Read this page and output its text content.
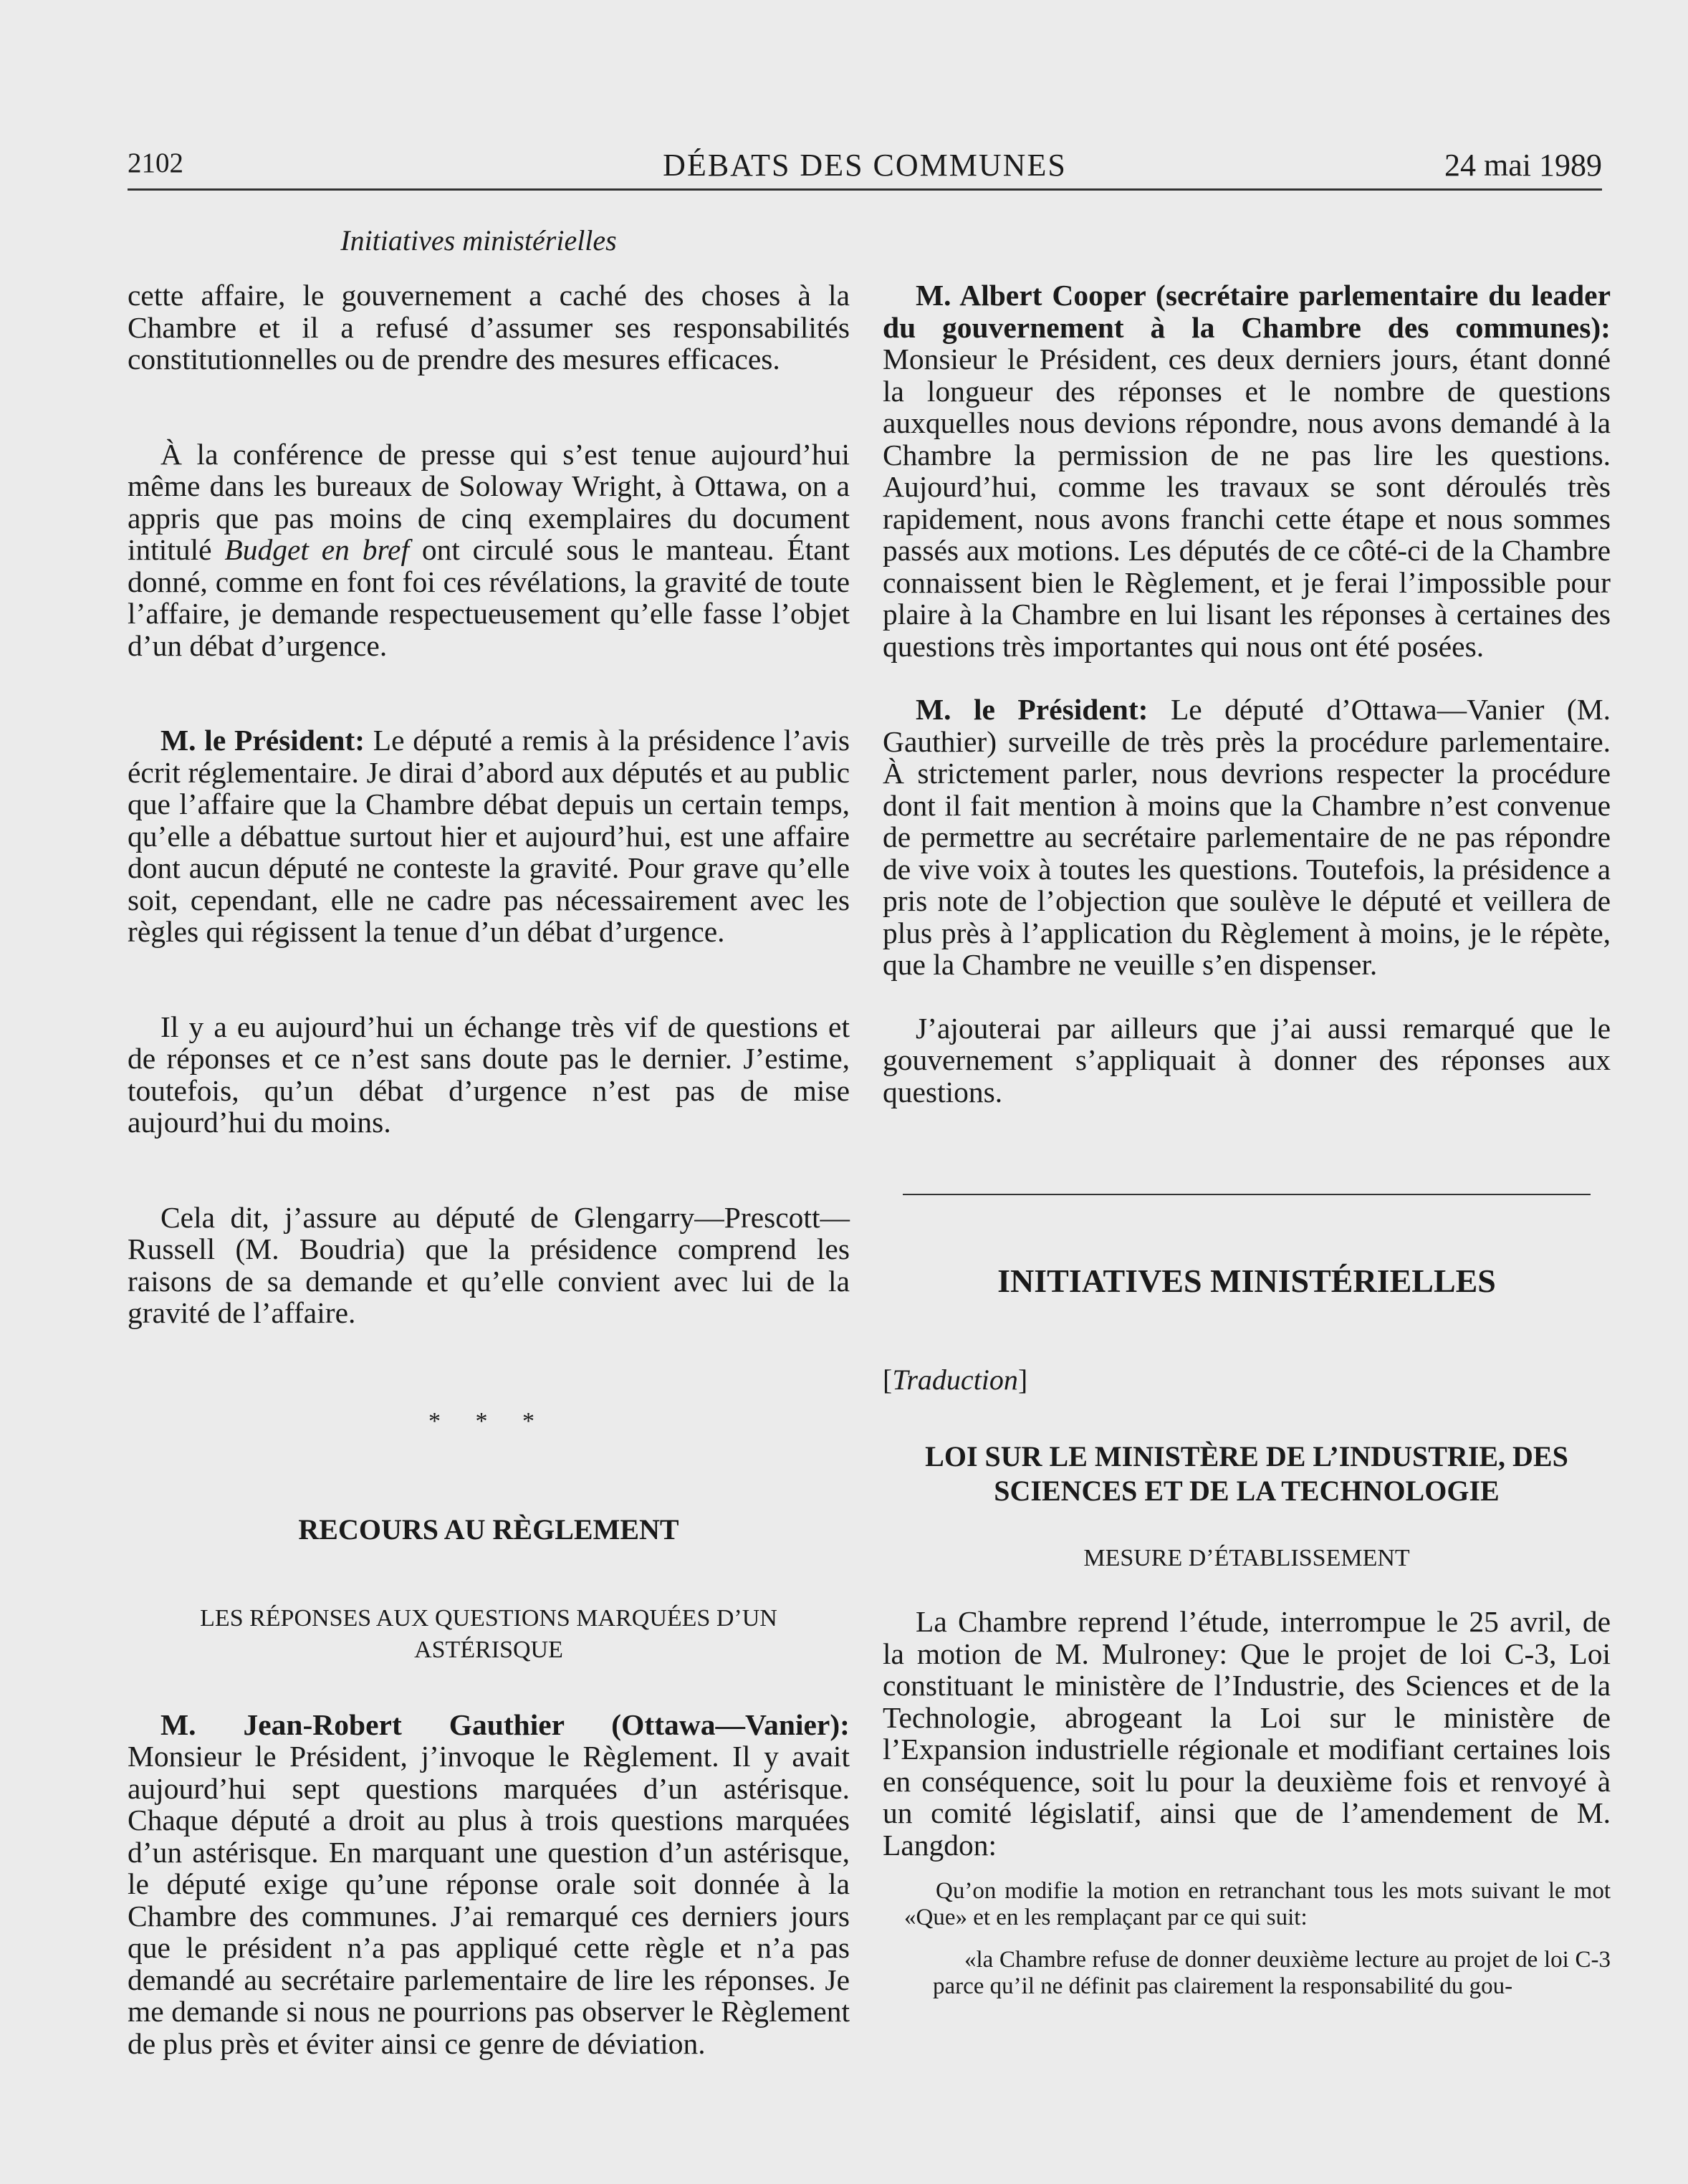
2102	DÉBATS DES COMMUNES	24 mai 1989
Initiatives ministérielles

cette affaire, le gouvernement a caché des choses à la Chambre et il a refusé d’assumer ses responsabilités constitutionnelles ou de prendre des mesures efficaces.

À la conférence de presse qui s’est tenue aujourd’hui même dans les bureaux de Soloway Wright, à Ottawa, on a appris que pas moins de cinq exemplaires du document intitulé Budget en bref ont circulé sous le manteau. Étant donné, comme en font foi ces révélations, la gravité de toute l’affaire, je demande respectueusement qu’elle fasse l’objet d’un débat d’urgence.

M. le Président: Le député a remis à la présidence l’avis écrit réglementaire. Je dirai d’abord aux députés et au public que l’affaire que la Chambre débat depuis un certain temps, qu’elle a débattue surtout hier et aujourd’hui, est une affaire dont aucun député ne conteste la gravité. Pour grave qu’elle soit, cependant, elle ne cadre pas nécessairement avec les règles qui régissent la tenue d’un débat d’urgence.

Il y a eu aujourd’hui un échange très vif de questions et de réponses et ce n’est sans doute pas le dernier. J’estime, toutefois, qu’un débat d’urgence n’est pas de mise aujourd’hui du moins.

Cela dit, j’assure au député de Glengarry—Prescott—Russell (M. Boudria) que la présidence comprend les raisons de sa demande et qu’elle convient avec lui de la gravité de l’affaire.

* * *

RECOURS AU RÈGLEMENT
LES RÉPONSES AUX QUESTIONS MARQUÉES D’UN ASTÉRISQUE

M. Jean-Robert Gauthier (Ottawa—Vanier): Monsieur le Président, j’invoque le Règlement. Il y avait aujourd’hui sept questions marquées d’un astérisque. Chaque député a droit au plus à trois questions marquées d’un astérisque. En marquant une question d’un astérisque, le député exige qu’une réponse orale soit donnée à la Chambre des communes. J’ai remarqué ces derniers jours que le président n’a pas appliqué cette règle et n’a pas demandé au secrétaire parlementaire de lire les réponses. Je me demande si nous ne pourrions pas observer le Règlement de plus près et éviter ainsi ce genre de déviation.

M. Albert Cooper (secrétaire parlementaire du leader du gouvernement à la Chambre des communes): Monsieur le Président, ces deux derniers jours, étant donné la longueur des réponses et le nombre de questions auxquelles nous devions répondre, nous avons demandé à la Chambre la permission de ne pas lire les questions. Aujourd’hui, comme les travaux se sont déroulés très rapidement, nous avons franchi cette étape et nous sommes passés aux motions. Les députés de ce côté-ci de la Chambre connaissent bien le Règlement, et je ferai l’impossible pour plaire à la Chambre en lui lisant les réponses à certaines des questions très importantes qui nous ont été posées.

M. le Président: Le député d’Ottawa—Vanier (M. Gauthier) surveille de très près la procédure parlementaire. À strictement parler, nous devrions respecter la procédure dont il fait mention à moins que la Chambre n’est convenue de permettre au secrétaire parlementaire de ne pas répondre de vive voix à toutes les questions. Toutefois, la présidence a pris note de l’objection que soulève le député et veillera de plus près à l’application du Règlement à moins, je le répète, que la Chambre ne veuille s’en dispenser.

J’ajouterai par ailleurs que j’ai aussi remarqué que le gouvernement s’appliquait à donner des réponses aux questions.

INITIATIVES MINISTÉRIELLES

[Traduction]

LOI SUR LE MINISTÈRE DE L’INDUSTRIE, DES SCIENCES ET DE LA TECHNOLOGIE
MESURE D’ÉTABLISSEMENT

La Chambre reprend l’étude, interrompue le 25 avril, de la motion de M. Mulroney: Que le projet de loi C-3, Loi constituant le ministère de l’Industrie, des Sciences et de la Technologie, abrogeant la Loi sur le ministère de l’Expansion industrielle régionale et modifiant certaines lois en conséquence, soit lu pour la deuxième fois et renvoyé à un comité législatif, ainsi que de l’amendement de M. Langdon:

Qu’on modifie la motion en retranchant tous les mots suivant le mot «Que» et en les remplaçant par ce qui suit:

«la Chambre refuse de donner deuxième lecture au projet de loi C-3 parce qu’il ne définit pas clairement la responsabilité du gou-
